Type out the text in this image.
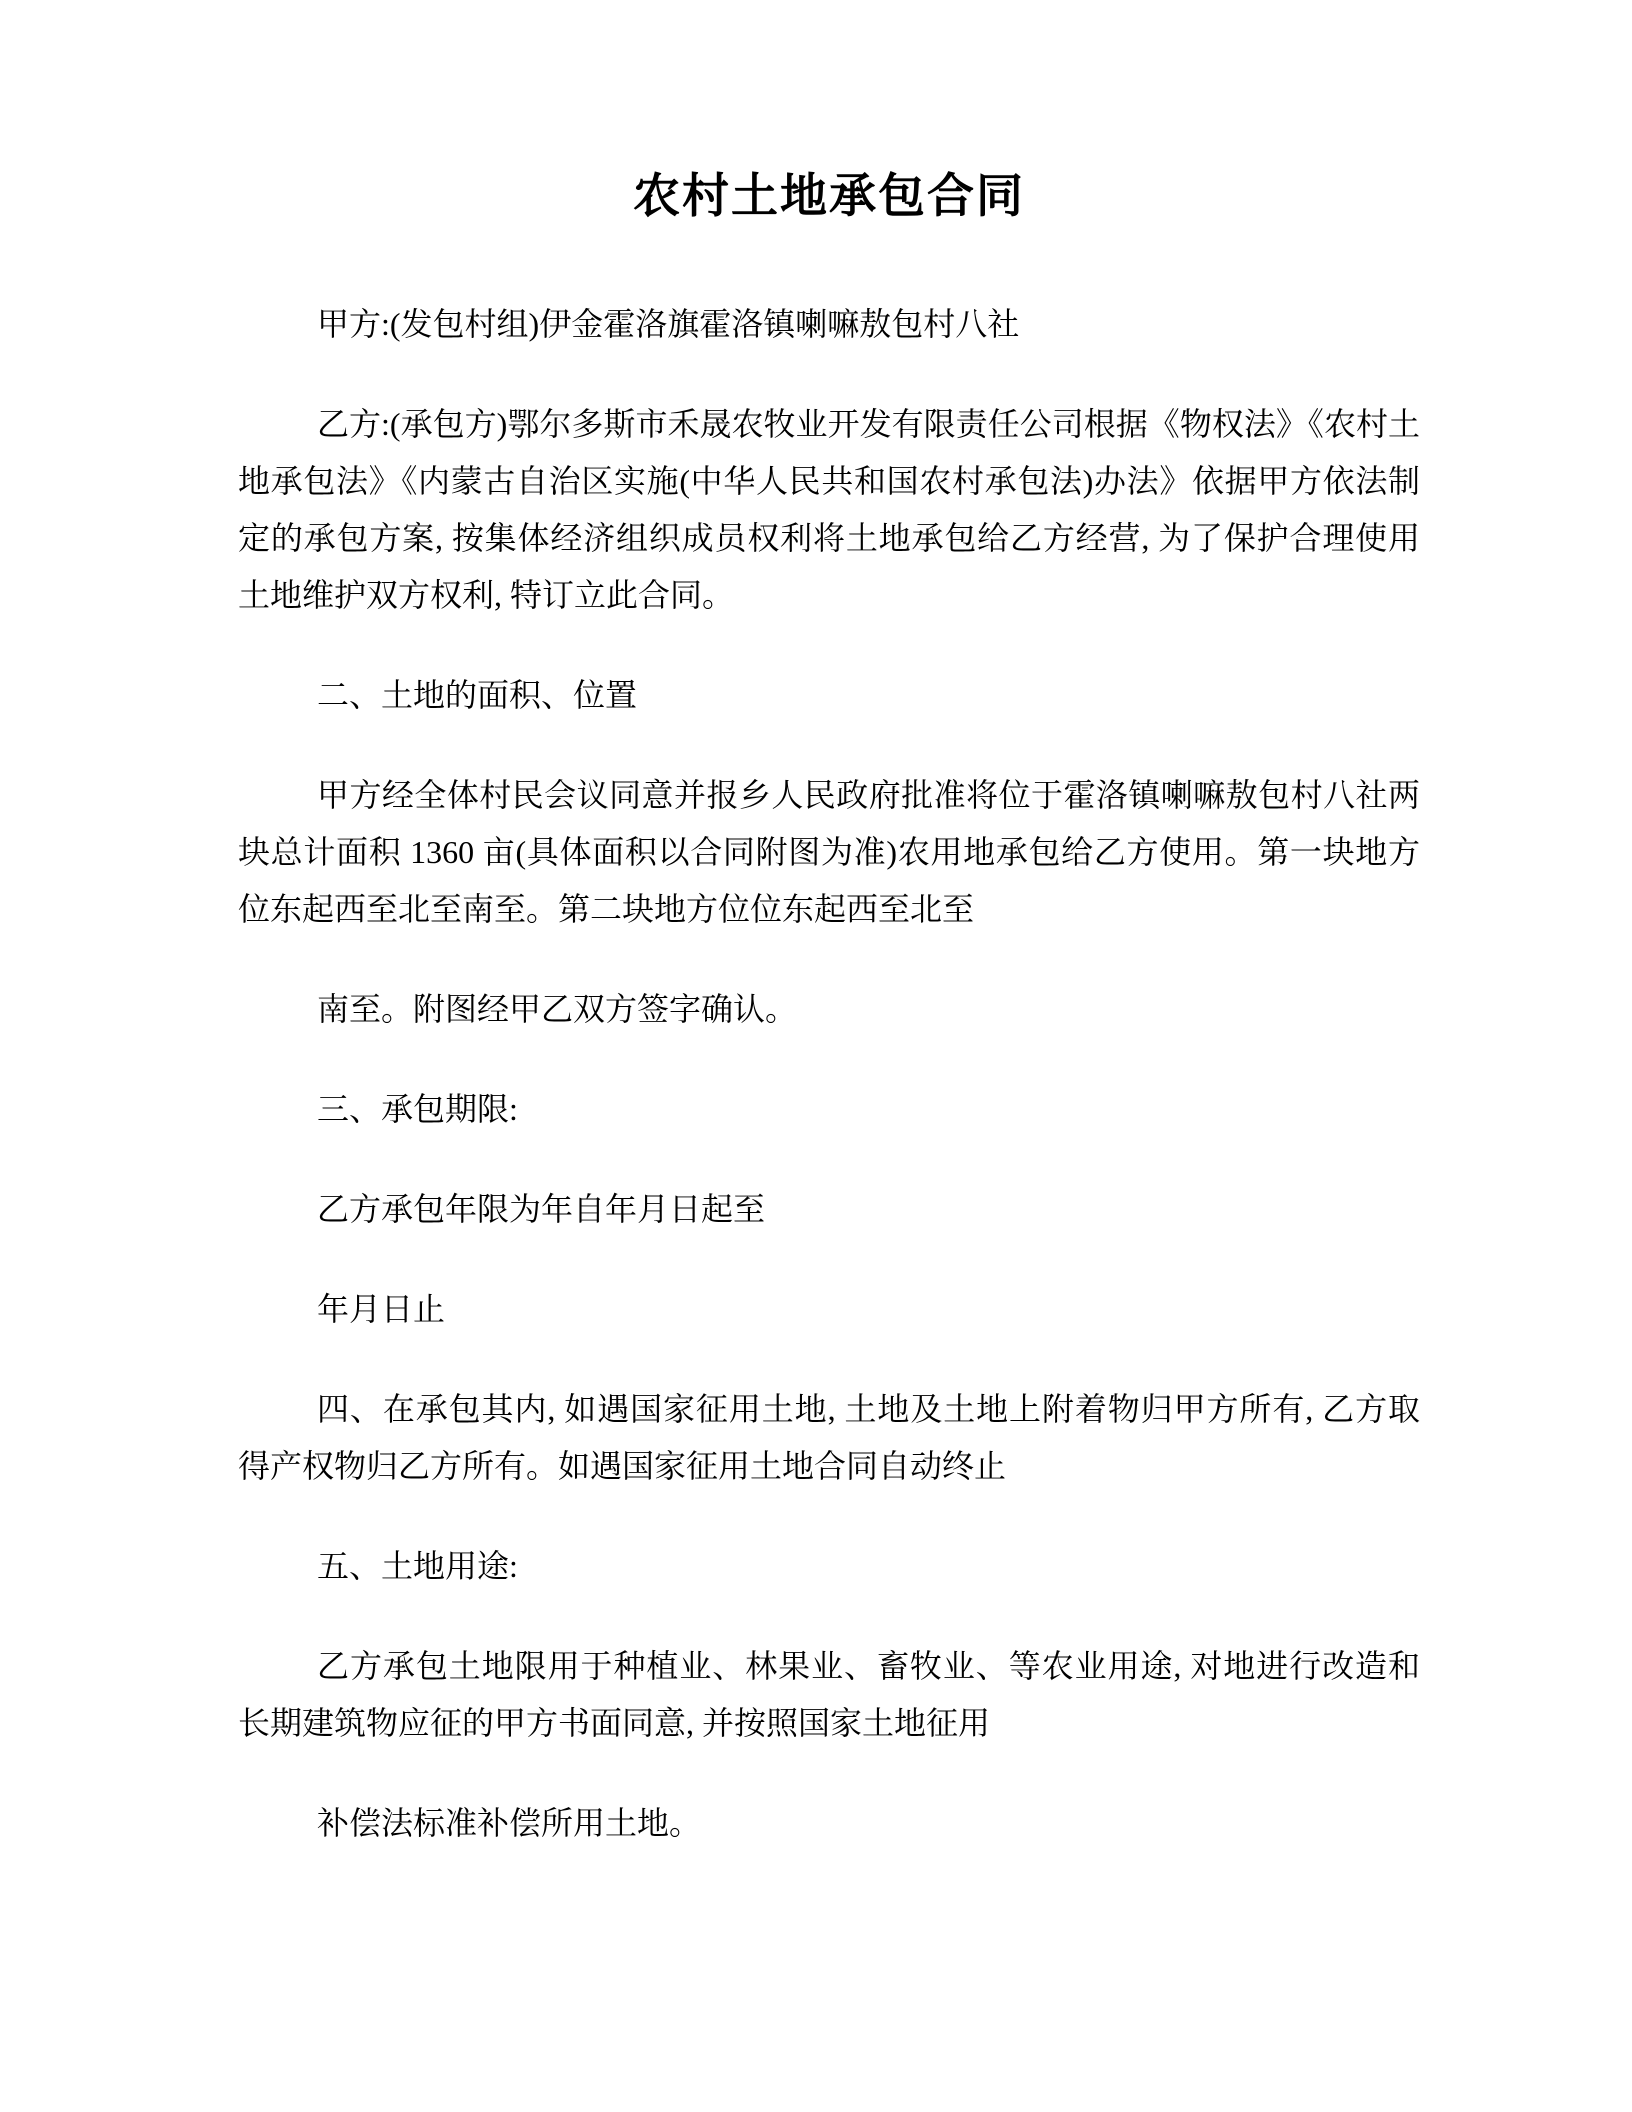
农村土地承包合同

甲方:(发包村组)伊金霍洛旗霍洛镇喇嘛敖包村八社

乙方:(承包方)鄂尔多斯市禾晟农牧业开发有限责任公司根据《物权法》《农村土地承包法》《内蒙古自治区实施(中华人民共和国农村承包法)办法》依据甲方依法制定的承包方案, 按集体经济组织成员权利将土地承包给乙方经营, 为了保护合理使用土地维护双方权利, 特订立此合同。

二、土地的面积、位置

甲方经全体村民会议同意并报乡人民政府批准将位于霍洛镇喇嘛敖包村八社两块总计面积 1360 亩(具体面积以合同附图为准)农用地承包给乙方使用。第一块地方位东起西至北至南至。第二块地方位位东起西至北至

南至。附图经甲乙双方签字确认。

三、承包期限:

乙方承包年限为年自年月日起至

年月日止

四、在承包其内, 如遇国家征用土地, 土地及土地上附着物归甲方所有, 乙方取得产权物归乙方所有。如遇国家征用土地合同自动终止

五、土地用途:

乙方承包土地限用于种植业、林果业、畜牧业、等农业用途, 对地进行改造和长期建筑物应征的甲方书面同意, 并按照国家土地征用

补偿法标准补偿所用土地。
